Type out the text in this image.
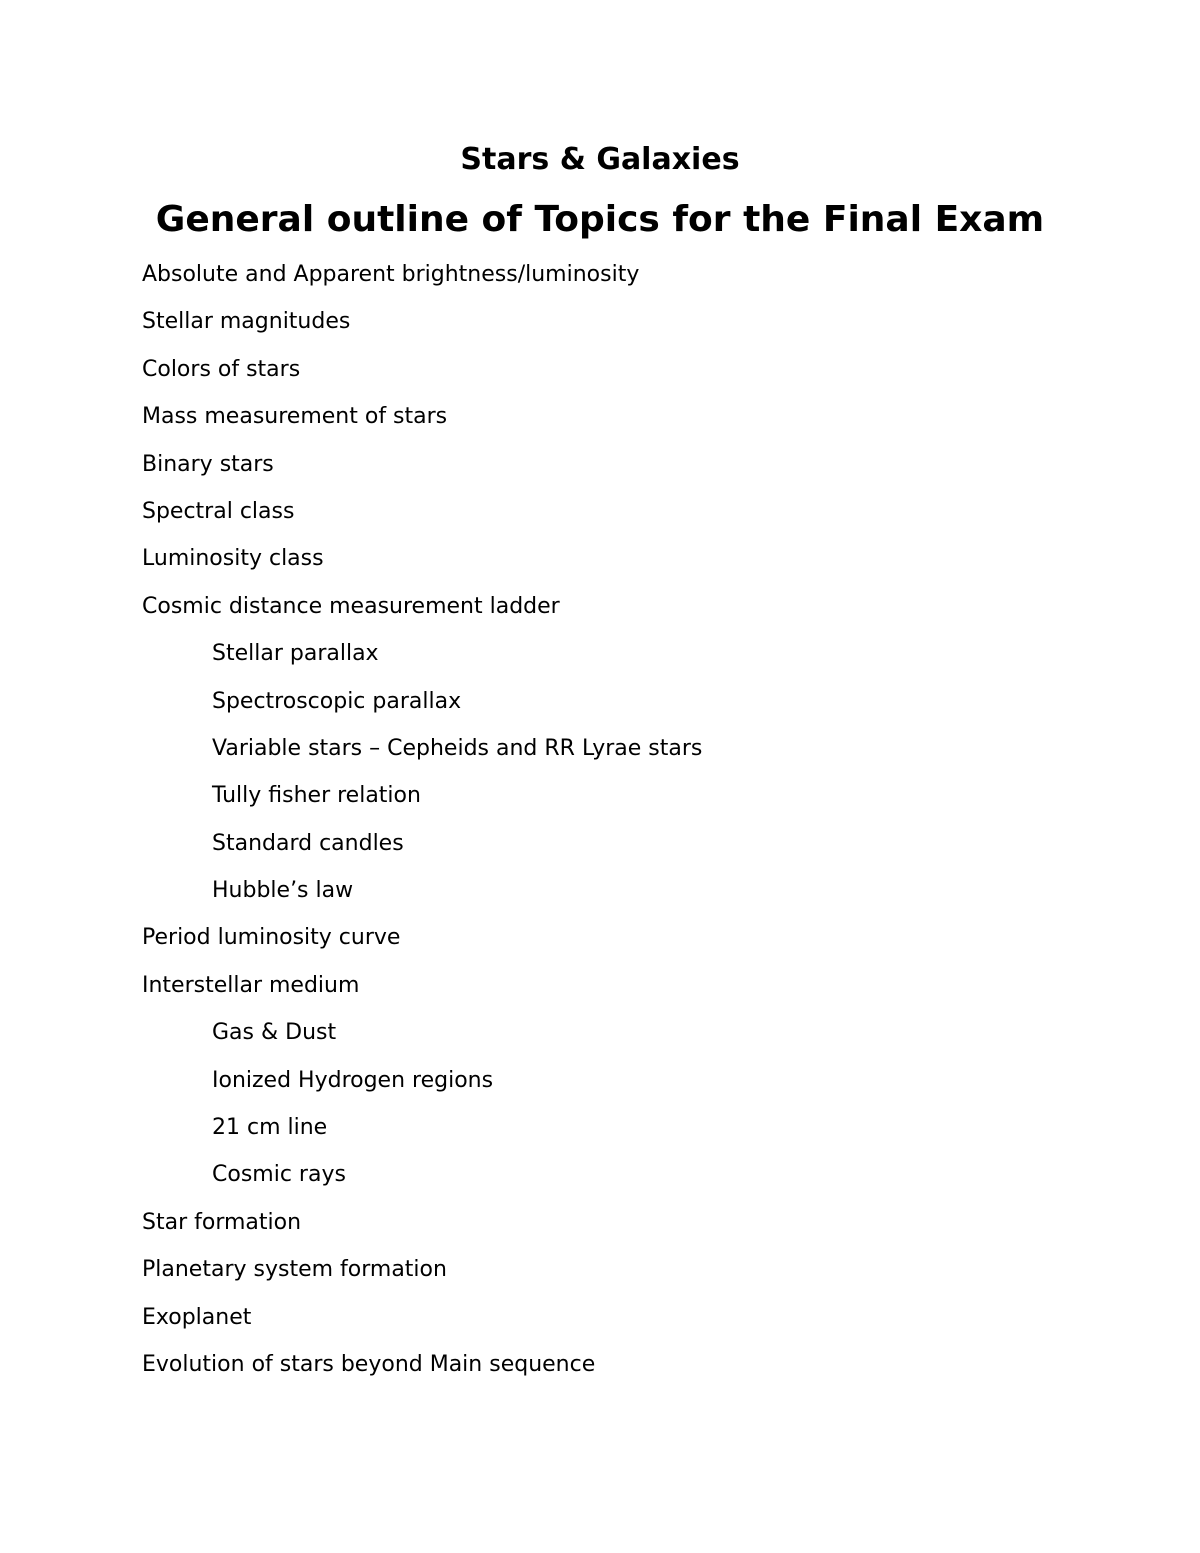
Stars & Galaxies
General outline of Topics for the Final Exam
Absolute and Apparent brightness/luminosity
Stellar magnitudes
Colors of stars
Mass measurement of stars
Binary stars
Spectral class
Luminosity class
Cosmic distance measurement ladder
Stellar parallax
Spectroscopic parallax
Variable stars – Cepheids and RR Lyrae stars
Tully fisher relation
Standard candles
Hubble’s law
Period luminosity curve
Interstellar medium
Gas & Dust
Ionized Hydrogen regions
21 cm line
Cosmic rays
Star formation
Planetary system formation
Exoplanet
Evolution of stars beyond Main sequence
